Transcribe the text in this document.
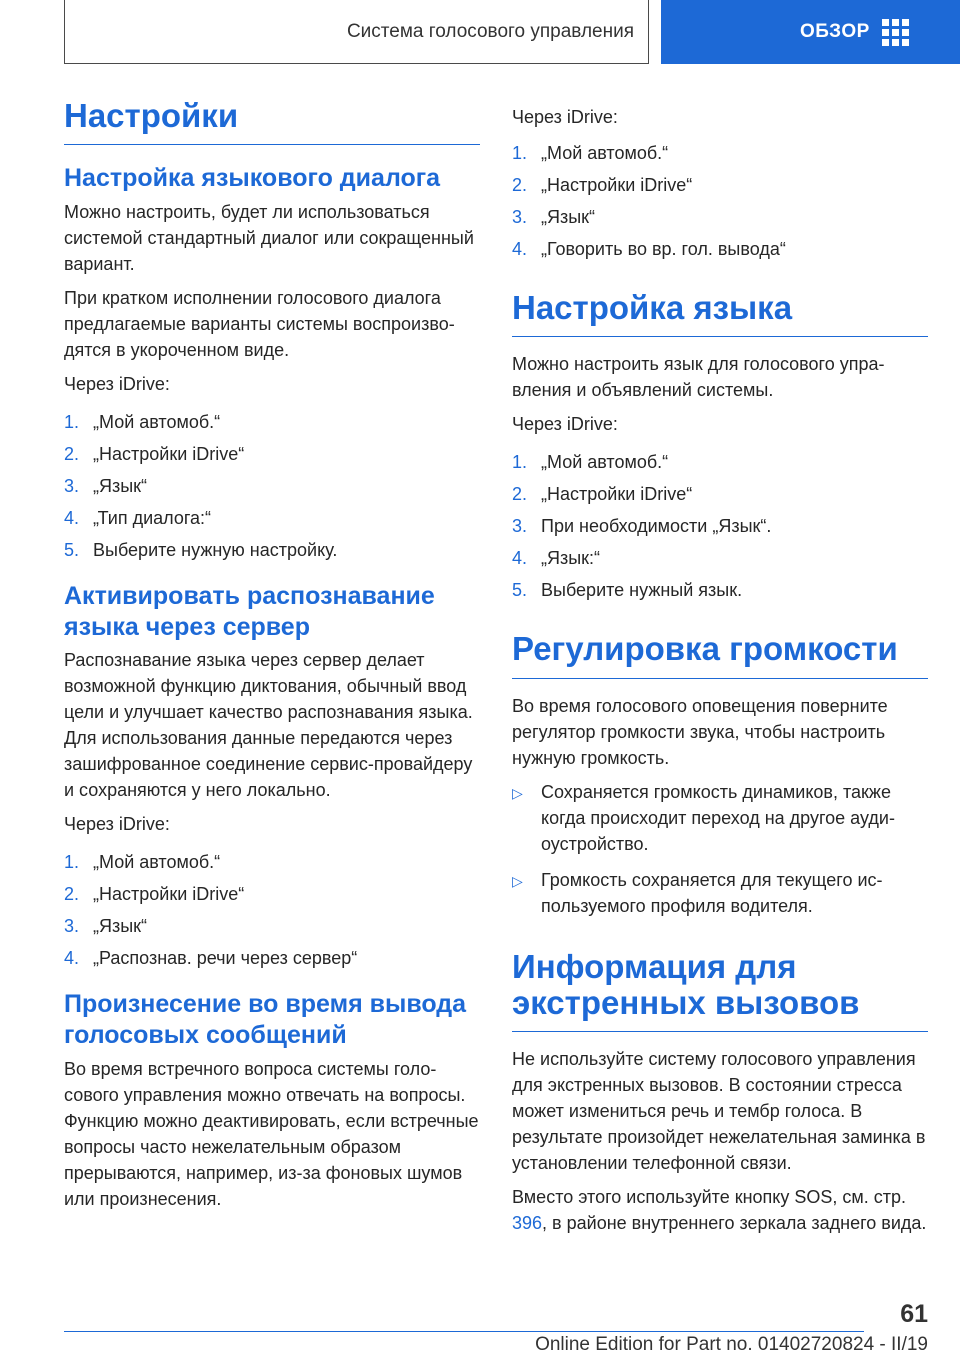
Система голосового управления	ОБЗОР
Настройки
Настройка языкового диалога

Можно настроить, будет ли использоваться системой стандартный диалог или сокращенный вариант.

При кратком исполнении голосового диалога предлагаемые варианты системы воспроизводятся в укороченном виде.

Через iDrive:

1. „Мой автомоб.“
2. „Настройки iDrive“
3. „Язык“
4. „Тип диалога:“
5. Выберите нужную настройку.
Активировать распознавание языка через сервер

Распознавание языка через сервер делает возможной функцию диктования, обычный ввод цели и улучшает качество распознавания языка. Для использования данные передаются через зашифрованное соединение сервис-провайдеру и сохраняются у него локально.

Через iDrive:

1. „Мой автомоб.“
2. „Настройки iDrive“
3. „Язык“
4. „Распознав. речи через сервер“
Произнесение во время вывода голосовых сообщений

Во время встречного вопроса системы голосового управления можно отвечать на вопросы. Функцию можно деактивировать, если встречные вопросы часто нежелательным образом прерываются, например, из-за фоновых шумов или произнесения.

Через iDrive:

1. „Мой автомоб.“
2. „Настройки iDrive“
3. „Язык“
4. „Говорить во вр. гол. вывода“
Настройка языка

Можно настроить язык для голосового управления и объявлений системы.

Через iDrive:

1. „Мой автомоб.“
2. „Настройки iDrive“
3. При необходимости „Язык“.
4. „Язык:“
5. Выберите нужный язык.
Регулировка громкости

Во время голосового оповещения поверните регулятор громкости звука, чтобы настроить нужную громкость.

▷	Сохраняется громкость динамиков, также когда происходит переход на другое аудиоустройство.
▷	Громкость сохраняется для текущего используемого профиля водителя.
Информация для экстренных вызовов

Не используйте систему голосового управления для экстренных вызовов. В состоянии стресса может измениться речь и тембр голоса. В результате произойдет нежелательная заминка в установлении телефонной связи.

Вместо этого используйте кнопку SOS, см. стр. 396, в районе внутреннего зеркала заднего вида.

61
Online Edition for Part no. 01402720824 - II/19
